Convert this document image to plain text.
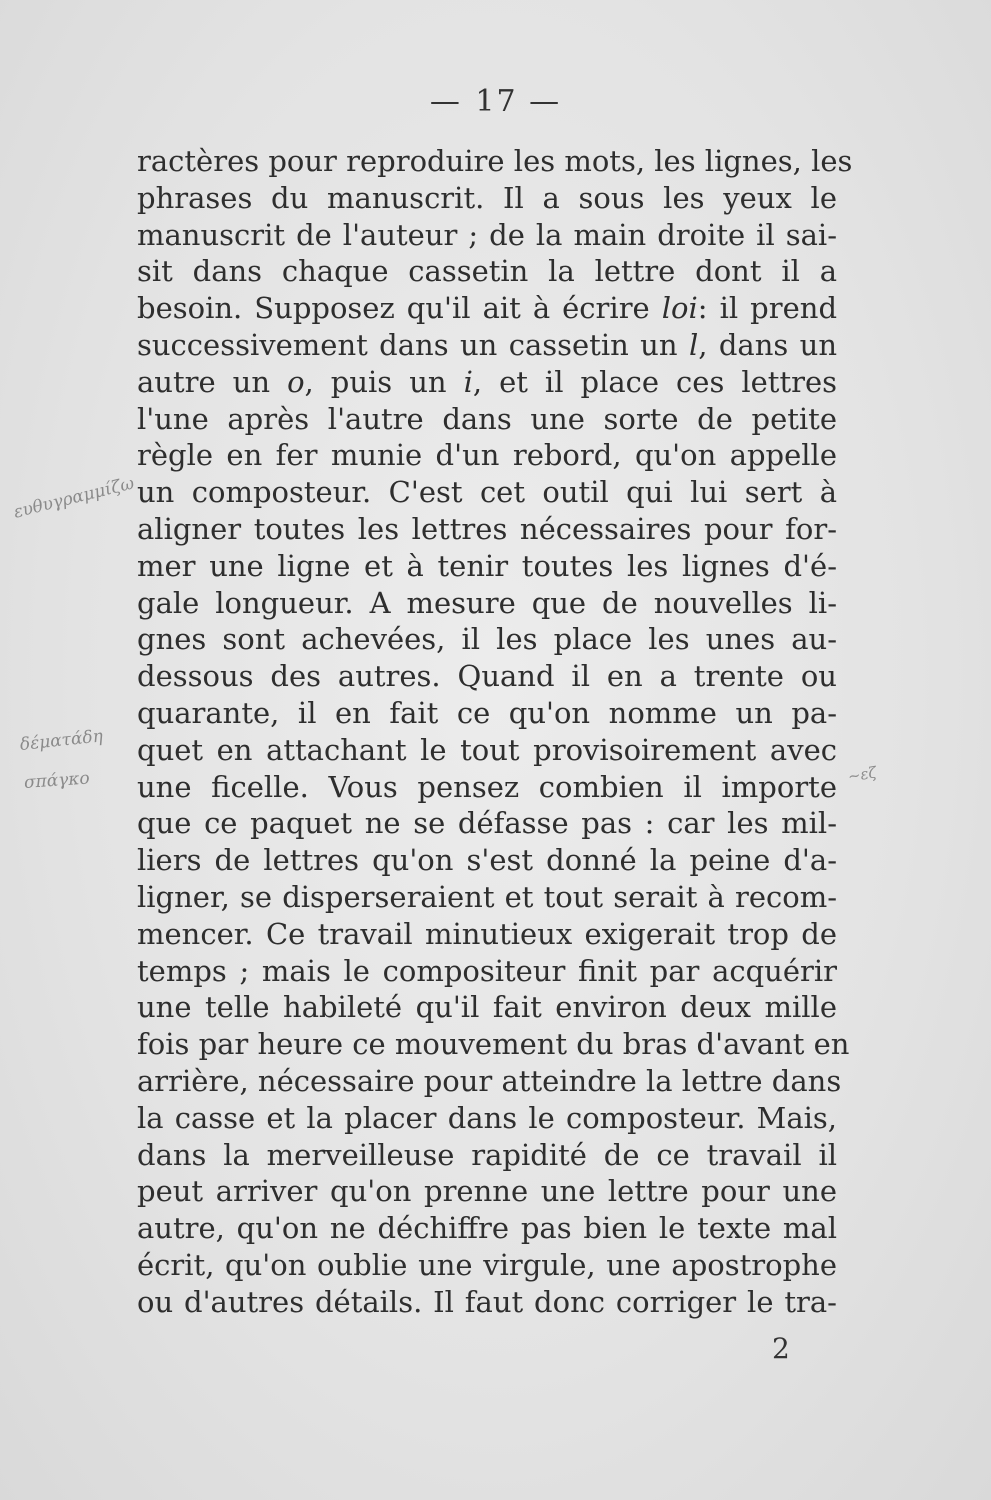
— 17 —
ευθυγραμμίζω
δέματάδη
σπάγκο	~εζ
ractères pour reproduire les mots, les lignes, les
phrases du manuscrit. Il a sous les yeux le
manuscrit de l'auteur ; de la main droite il sai-
sit dans chaque cassetin la lettre dont il a
besoin. Supposez qu'il ait à écrire loi: il prend
successivement dans un cassetin un l, dans un
autre un o, puis un i, et il place ces lettres
l'une après l'autre dans une sorte de petite
règle en fer munie d'un rebord, qu'on appelle
un composteur. C'est cet outil qui lui sert à
aligner toutes les lettres nécessaires pour for-
mer une ligne et à tenir toutes les lignes d'é-
gale longueur. A mesure que de nouvelles li-
gnes sont achevées, il les place les unes au-
dessous des autres. Quand il en a trente ou
quarante, il en fait ce qu'on nomme un pa-
quet en attachant le tout provisoirement avec
une ficelle. Vous pensez combien il importe
que ce paquet ne se défasse pas : car les mil-
liers de lettres qu'on s'est donné la peine d'a-
ligner, se disperseraient et tout serait à recom-
mencer. Ce travail minutieux exigerait trop de
temps ; mais le compositeur finit par acquérir
une telle habileté qu'il fait environ deux mille
fois par heure ce mouvement du bras d'avant en
arrière, nécessaire pour atteindre la lettre dans
la casse et la placer dans le composteur. Mais,
dans la merveilleuse rapidité de ce travail il
peut arriver qu'on prenne une lettre pour une
autre, qu'on ne déchiffre pas bien le texte mal
écrit, qu'on oublie une virgule, une apostrophe
ou d'autres détails. Il faut donc corriger le tra-
2
